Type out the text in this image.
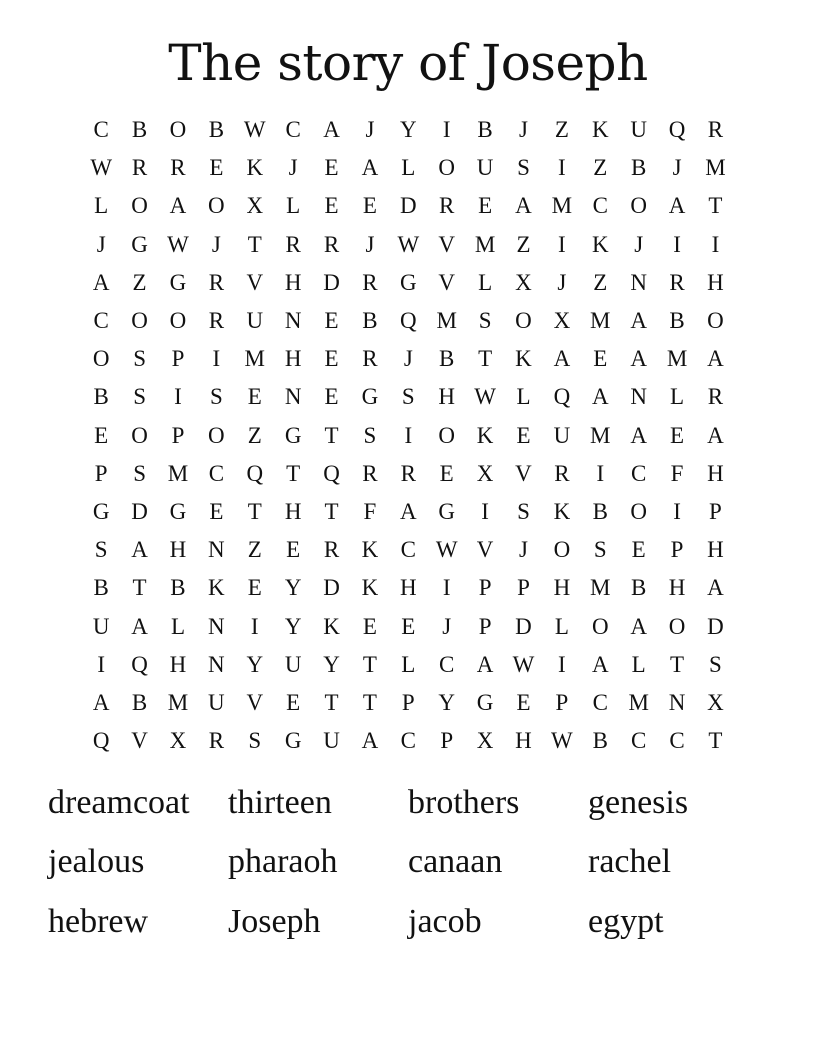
The story of Joseph
C	B O B W C A	J	Y	I	B	J	Z	K U Q R
W R	R	E	K	J	E	A	L	O U	S	I	Z	B	J	M
L	O A O X	L	E	E	D R	E	A M C O A	T
J	G W	J	T	R	R	J	W V M Z	I	K	J	I	I
A	Z	G R V H D R G V	L	X	J	Z	N R H
C O O R U N	E	B Q M S	O X M A B O
O	S	P	I	M H	E	R	J	B	T	K A	E	A M A
B	S	I	S	E	N	E	G	S	H W L	Q A N	L	R
E	O	P	O	Z	G	T	S	I	O K	E	U M A	E	A
P	S M C Q	T	Q R	R	E	X V R	I	C	F	H
G D G	E	T	H	T	F	A G	I	S	K B O	I	P
S	A H N	Z	E	R K C W V	J	O	S	E	P	H
B	T	B K	E	Y D K H	I	P	P	H M B H A
U A	L	N	I	Y K	E	E	J	P	D	L	O A O D
I	Q H N Y U Y	T	L	C A W	I	A	L	T	S
A B M U V	E	T	T	P	Y G	E	P	C M N X
Q V X R	S	G U A C	P	X H W B	C	C	T
dreamcoat	thirteen	brothers	genesis
jealous	pharaoh	canaan	rachel
hebrew	Joseph	jacob	egypt
